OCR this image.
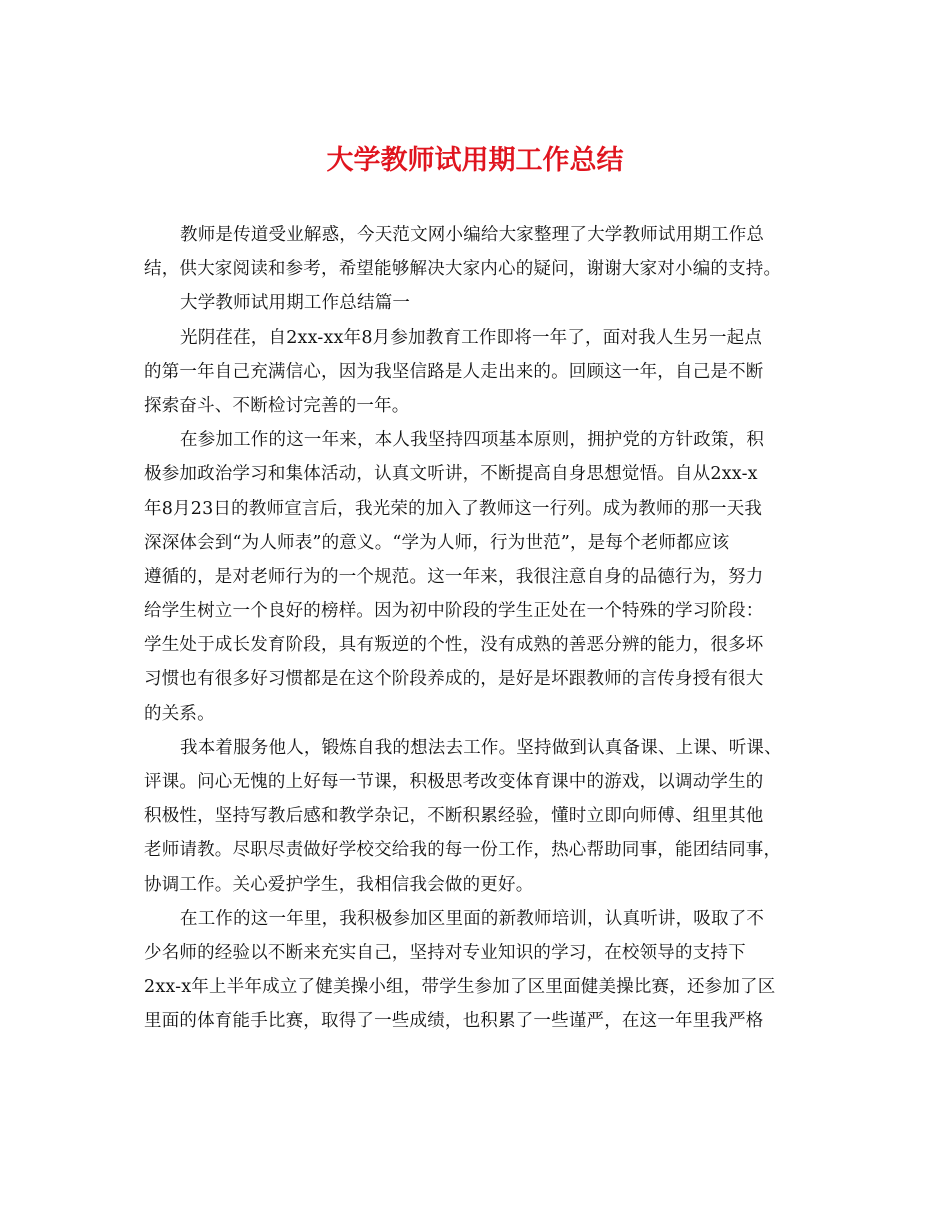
大学教师试用期工作总结
教师是传道受业解惑，今天范文网小编给大家整理了大学教师试用期工作总
结，供大家阅读和参考，希望能够解决大家内心的疑问，谢谢大家对小编的支持。
大学教师试用期工作总结篇一
光阴荏荏，自2xx-xx年8月参加教育工作即将一年了，面对我人生另一起点
的第一年自己充满信心，因为我坚信路是人走出来的。回顾这一年，自己是不断
探索奋斗、不断检讨完善的一年。
在参加工作的这一年来，本人我坚持四项基本原则，拥护党的方针政策，积
极参加政治学习和集体活动，认真文听讲，不断提高自身思想觉悟。自从2xx-x
年8月23日的教师宣言后，我光荣的加入了教师这一行列。成为教师的那一天我
深深体会到“为人师表”的意义。“学为人师，行为世范”，是每个老师都应该
遵循的，是对老师行为的一个规范。这一年来，我很注意自身的品德行为，努力
给学生树立一个良好的榜样。因为初中阶段的学生正处在一个特殊的学习阶段：
学生处于成长发育阶段，具有叛逆的个性，没有成熟的善恶分辨的能力，很多坏
习惯也有很多好习惯都是在这个阶段养成的，是好是坏跟教师的言传身授有很大
的关系。
我本着服务他人，锻炼自我的想法去工作。坚持做到认真备课、上课、听课、
评课。问心无愧的上好每一节课，积极思考改变体育课中的游戏，以调动学生的
积极性，坚持写教后感和教学杂记，不断积累经验，懂时立即向师傅、组里其他
老师请教。尽职尽责做好学校交给我的每一份工作，热心帮助同事，能团结同事，
协调工作。关心爱护学生，我相信我会做的更好。
在工作的这一年里，我积极参加区里面的新教师培训，认真听讲，吸取了不
少名师的经验以不断来充实自己，坚持对专业知识的学习，在校领导的支持下
2xx-x年上半年成立了健美操小组，带学生参加了区里面健美操比赛，还参加了区
里面的体育能手比赛，取得了一些成绩，也积累了一些谨严，在这一年里我严格
